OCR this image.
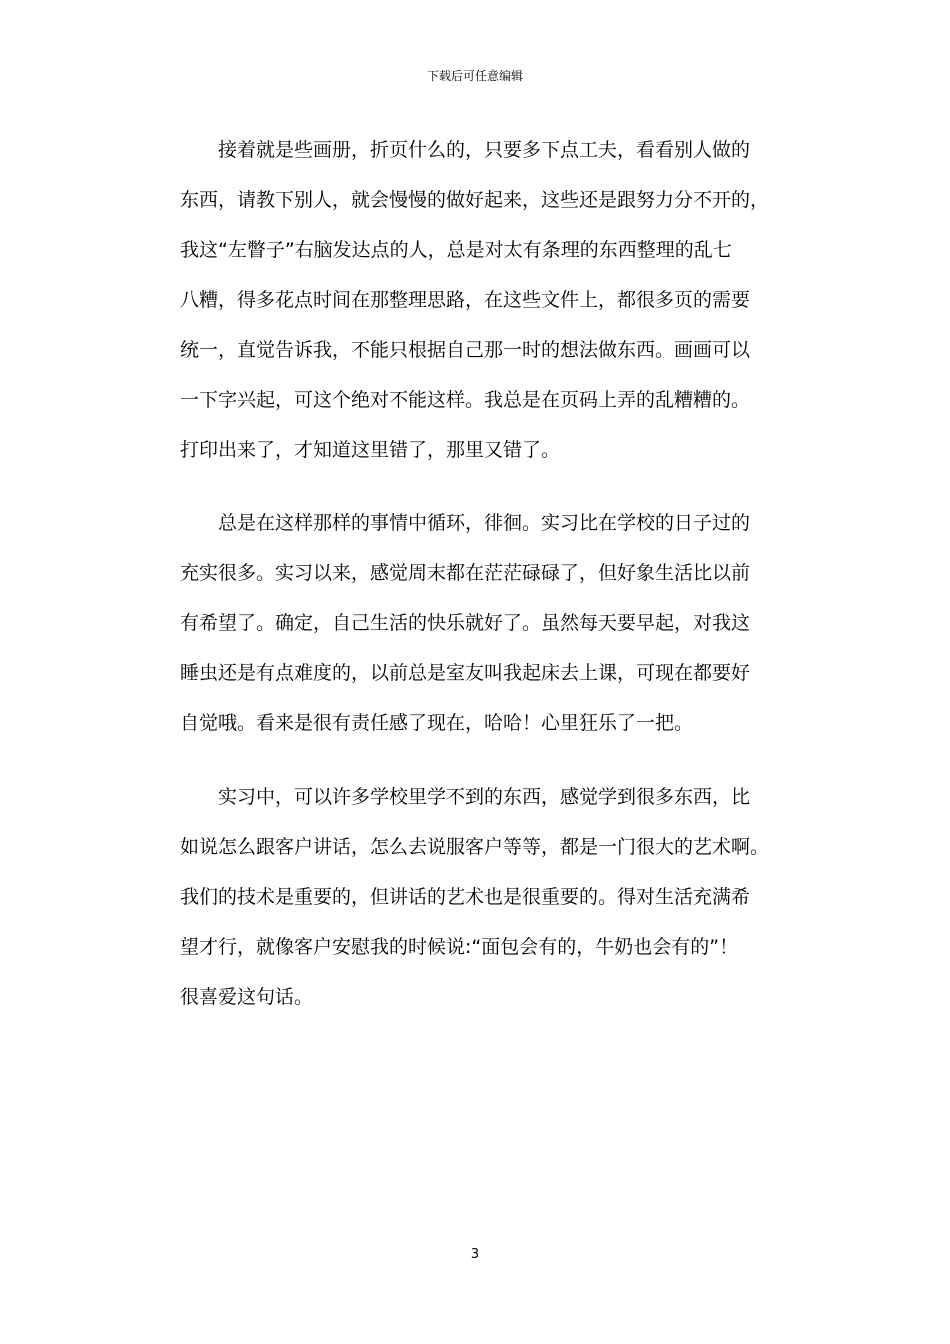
下载后可任意编辑
接着就是些画册，折页什么的，只要多下点工夫，看看别人做的
东西，请教下别人，就会慢慢的做好起来，这些还是跟努力分不开的，
我这“左瞥子”右脑发达点的人，总是对太有条理的东西整理的乱七
八糟，得多花点时间在那整理思路，在这些文件上，都很多页的需要
统一，直觉告诉我，不能只根据自己那一时的想法做东西。画画可以
一下字兴起，可这个绝对不能这样。我总是在页码上弄的乱糟糟的。
打印出来了，才知道这里错了，那里又错了。
总是在这样那样的事情中循环，徘徊。实习比在学校的日子过的
充实很多。实习以来，感觉周末都在茫茫碌碌了，但好象生活比以前
有希望了。确定，自己生活的快乐就好了。虽然每天要早起，对我这
睡虫还是有点难度的，以前总是室友叫我起床去上课，可现在都要好
自觉哦。看来是很有责任感了现在，哈哈！心里狂乐了一把。
实习中，可以许多学校里学不到的东西，感觉学到很多东西，比
如说怎么跟客户讲话，怎么去说服客户等等，都是一门很大的艺术啊。
我们的技术是重要的，但讲话的艺术也是很重要的。得对生活充满希
望才行，就像客户安慰我的时候说:“面包会有的，牛奶也会有的”！
很喜爱这句话。
3
